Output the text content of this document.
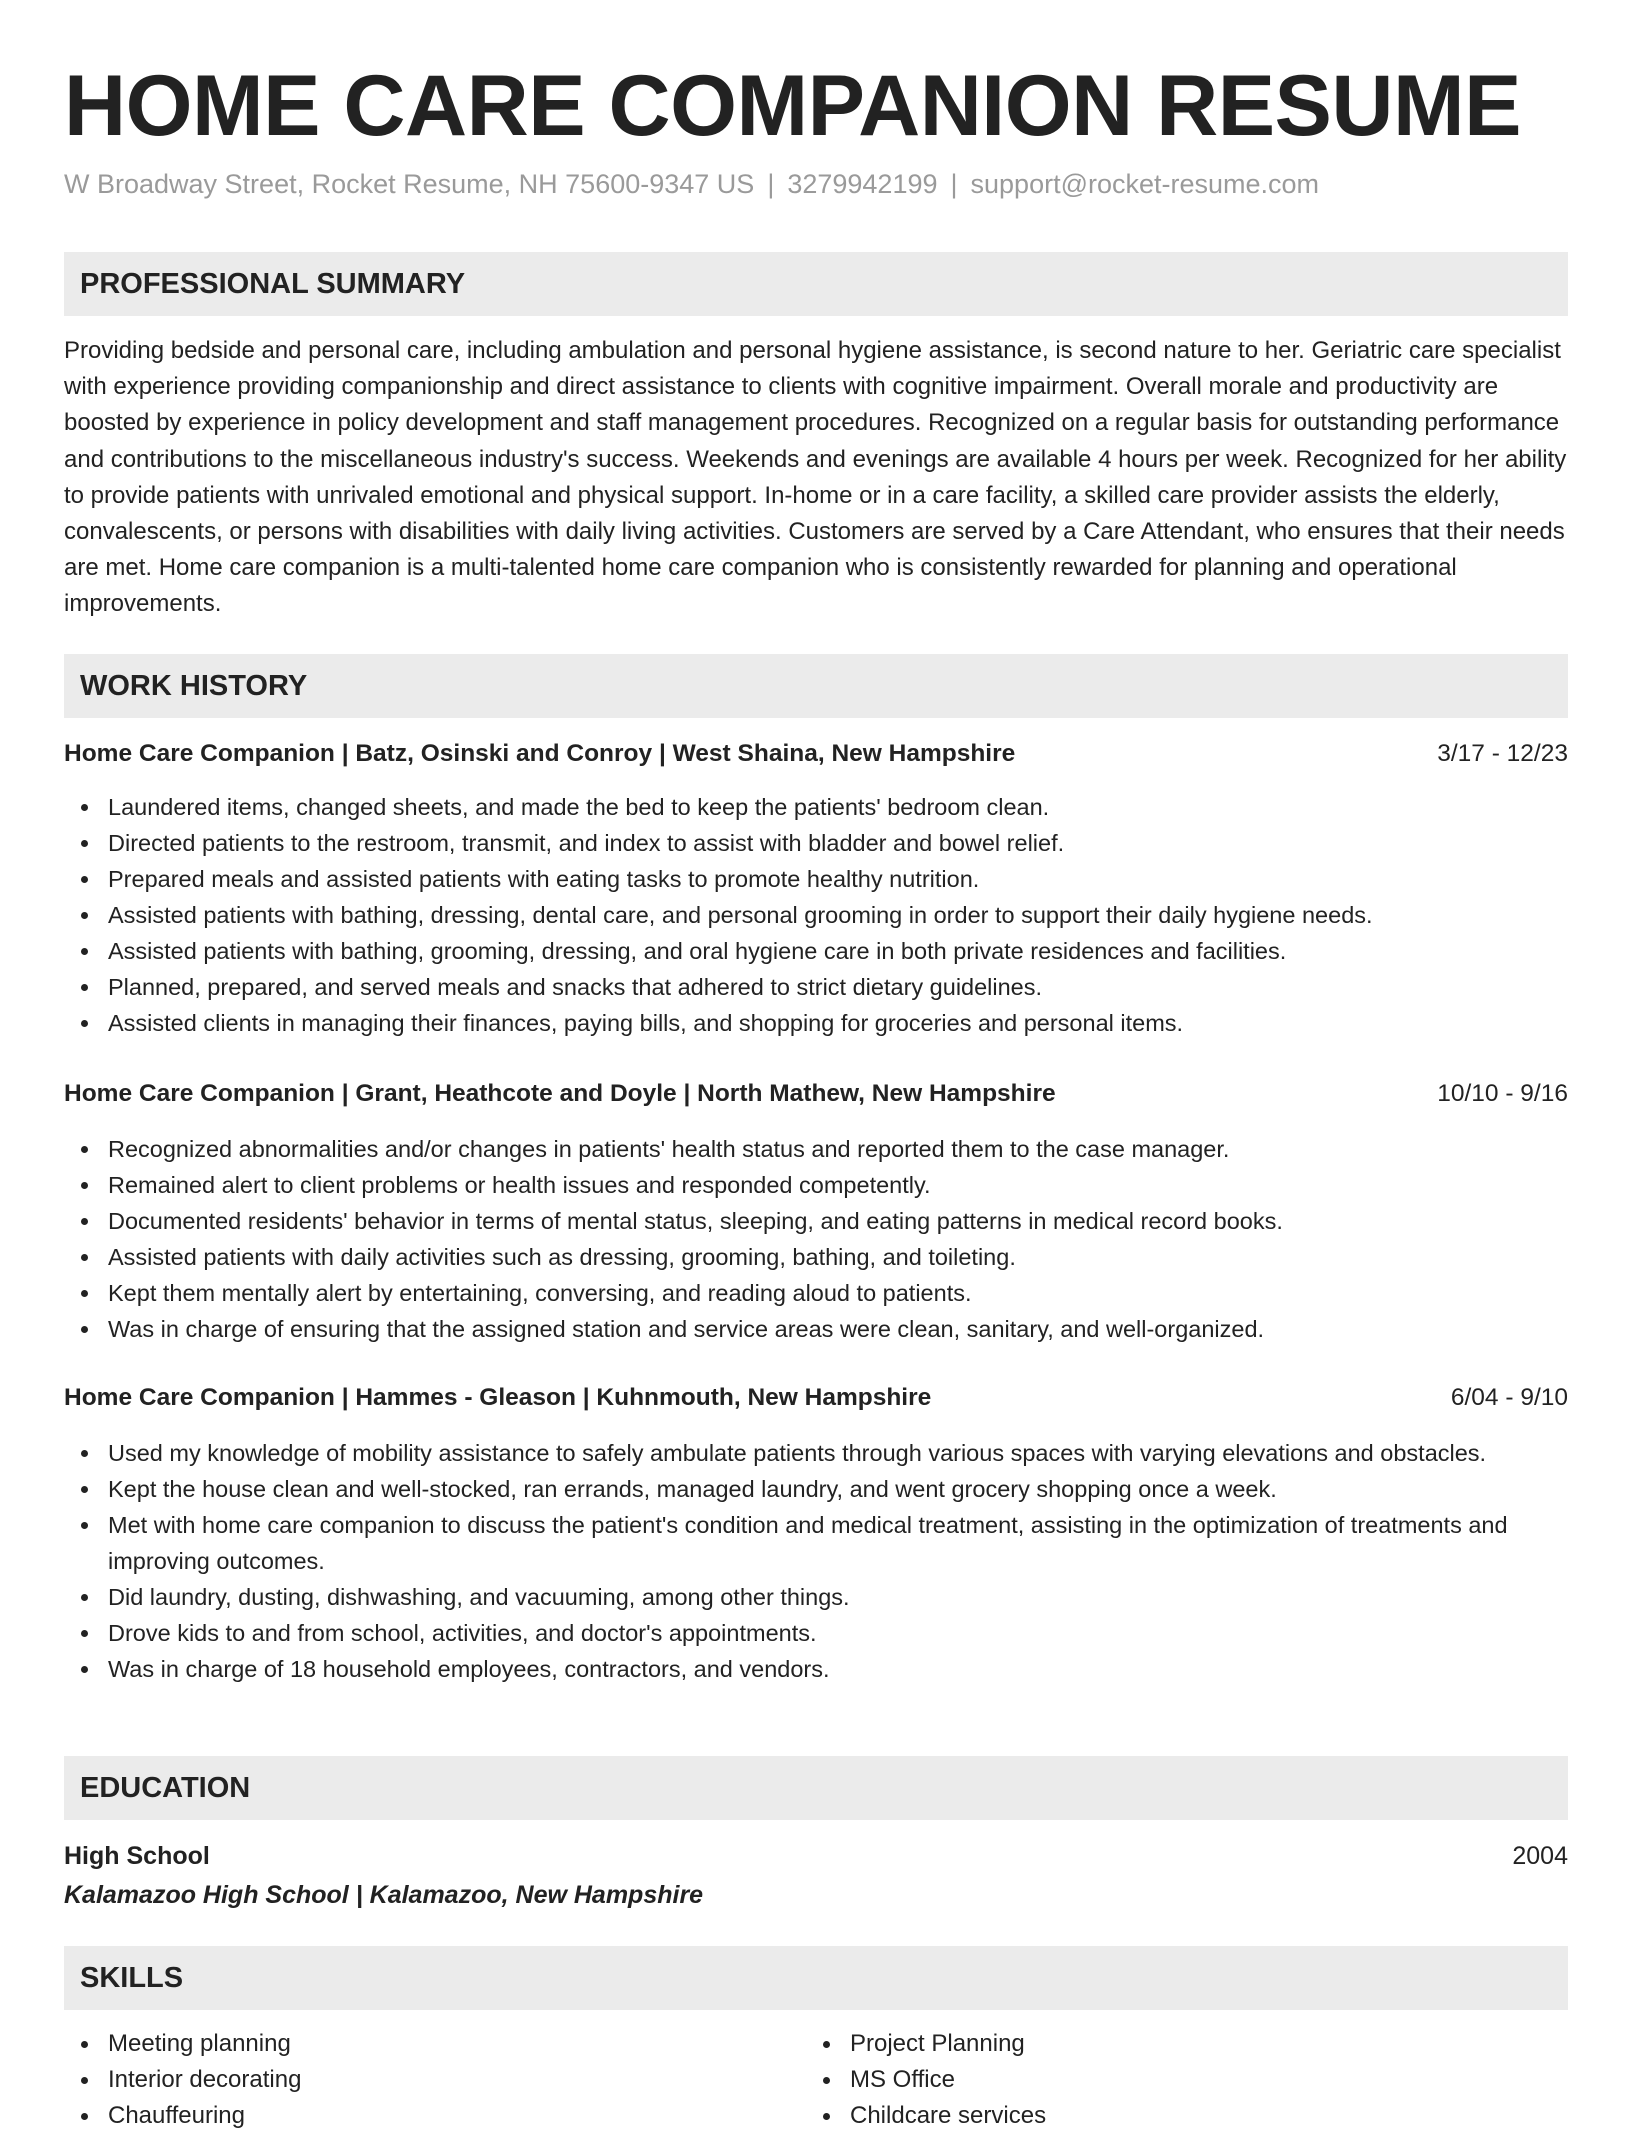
HOME CARE COMPANION RESUME
W Broadway Street, Rocket Resume, NH 75600-9347 US | 3279942199 | support@rocket-resume.com
PROFESSIONAL SUMMARY

Providing bedside and personal care, including ambulation and personal hygiene assistance, is second nature to her. Geriatric care specialist with experience providing companionship and direct assistance to clients with cognitive impairment. Overall morale and productivity are boosted by experience in policy development and staff management procedures. Recognized on a regular basis for outstanding performance and contributions to the miscellaneous industry's success. Weekends and evenings are available 4 hours per week. Recognized for her ability to provide patients with unrivaled emotional and physical support. In-home or in a care facility, a skilled care provider assists the elderly, convalescents, or persons with disabilities with daily living activities. Customers are served by a Care Attendant, who ensures that their needs are met. Home care companion is a multi-talented home care companion who is consistently rewarded for planning and operational improvements.

WORK HISTORY
Home Care Companion | Batz, Osinski and Conroy | West Shaina, New Hampshire	3/17 - 12/23
Laundered items, changed sheets, and made the bed to keep the patients' bedroom clean.
Directed patients to the restroom, transmit, and index to assist with bladder and bowel relief.
Prepared meals and assisted patients with eating tasks to promote healthy nutrition.
Assisted patients with bathing, dressing, dental care, and personal grooming in order to support their daily hygiene needs.
Assisted patients with bathing, grooming, dressing, and oral hygiene care in both private residences and facilities.
Planned, prepared, and served meals and snacks that adhered to strict dietary guidelines.
Assisted clients in managing their finances, paying bills, and shopping for groceries and personal items.
Home Care Companion | Grant, Heathcote and Doyle | North Mathew, New Hampshire	10/10 - 9/16
Recognized abnormalities and/or changes in patients' health status and reported them to the case manager.
Remained alert to client problems or health issues and responded competently.
Documented residents' behavior in terms of mental status, sleeping, and eating patterns in medical record books.
Assisted patients with daily activities such as dressing, grooming, bathing, and toileting.
Kept them mentally alert by entertaining, conversing, and reading aloud to patients.
Was in charge of ensuring that the assigned station and service areas were clean, sanitary, and well-organized.
Home Care Companion | Hammes - Gleason | Kuhnmouth, New Hampshire	6/04 - 9/10
Used my knowledge of mobility assistance to safely ambulate patients through various spaces with varying elevations and obstacles.
Kept the house clean and well-stocked, ran errands, managed laundry, and went grocery shopping once a week.
Met with home care companion to discuss the patient's condition and medical treatment, assisting in the optimization of treatments and improving outcomes.
Did laundry, dusting, dishwashing, and vacuuming, among other things.
Drove kids to and from school, activities, and doctor's appointments.
Was in charge of 18 household employees, contractors, and vendors.
EDUCATION
High School	2004
Kalamazoo High School | Kalamazoo, New Hampshire
SKILLS
Meeting planning
Interior decorating
Chauffeuring
Project Planning
MS Office
Childcare services
